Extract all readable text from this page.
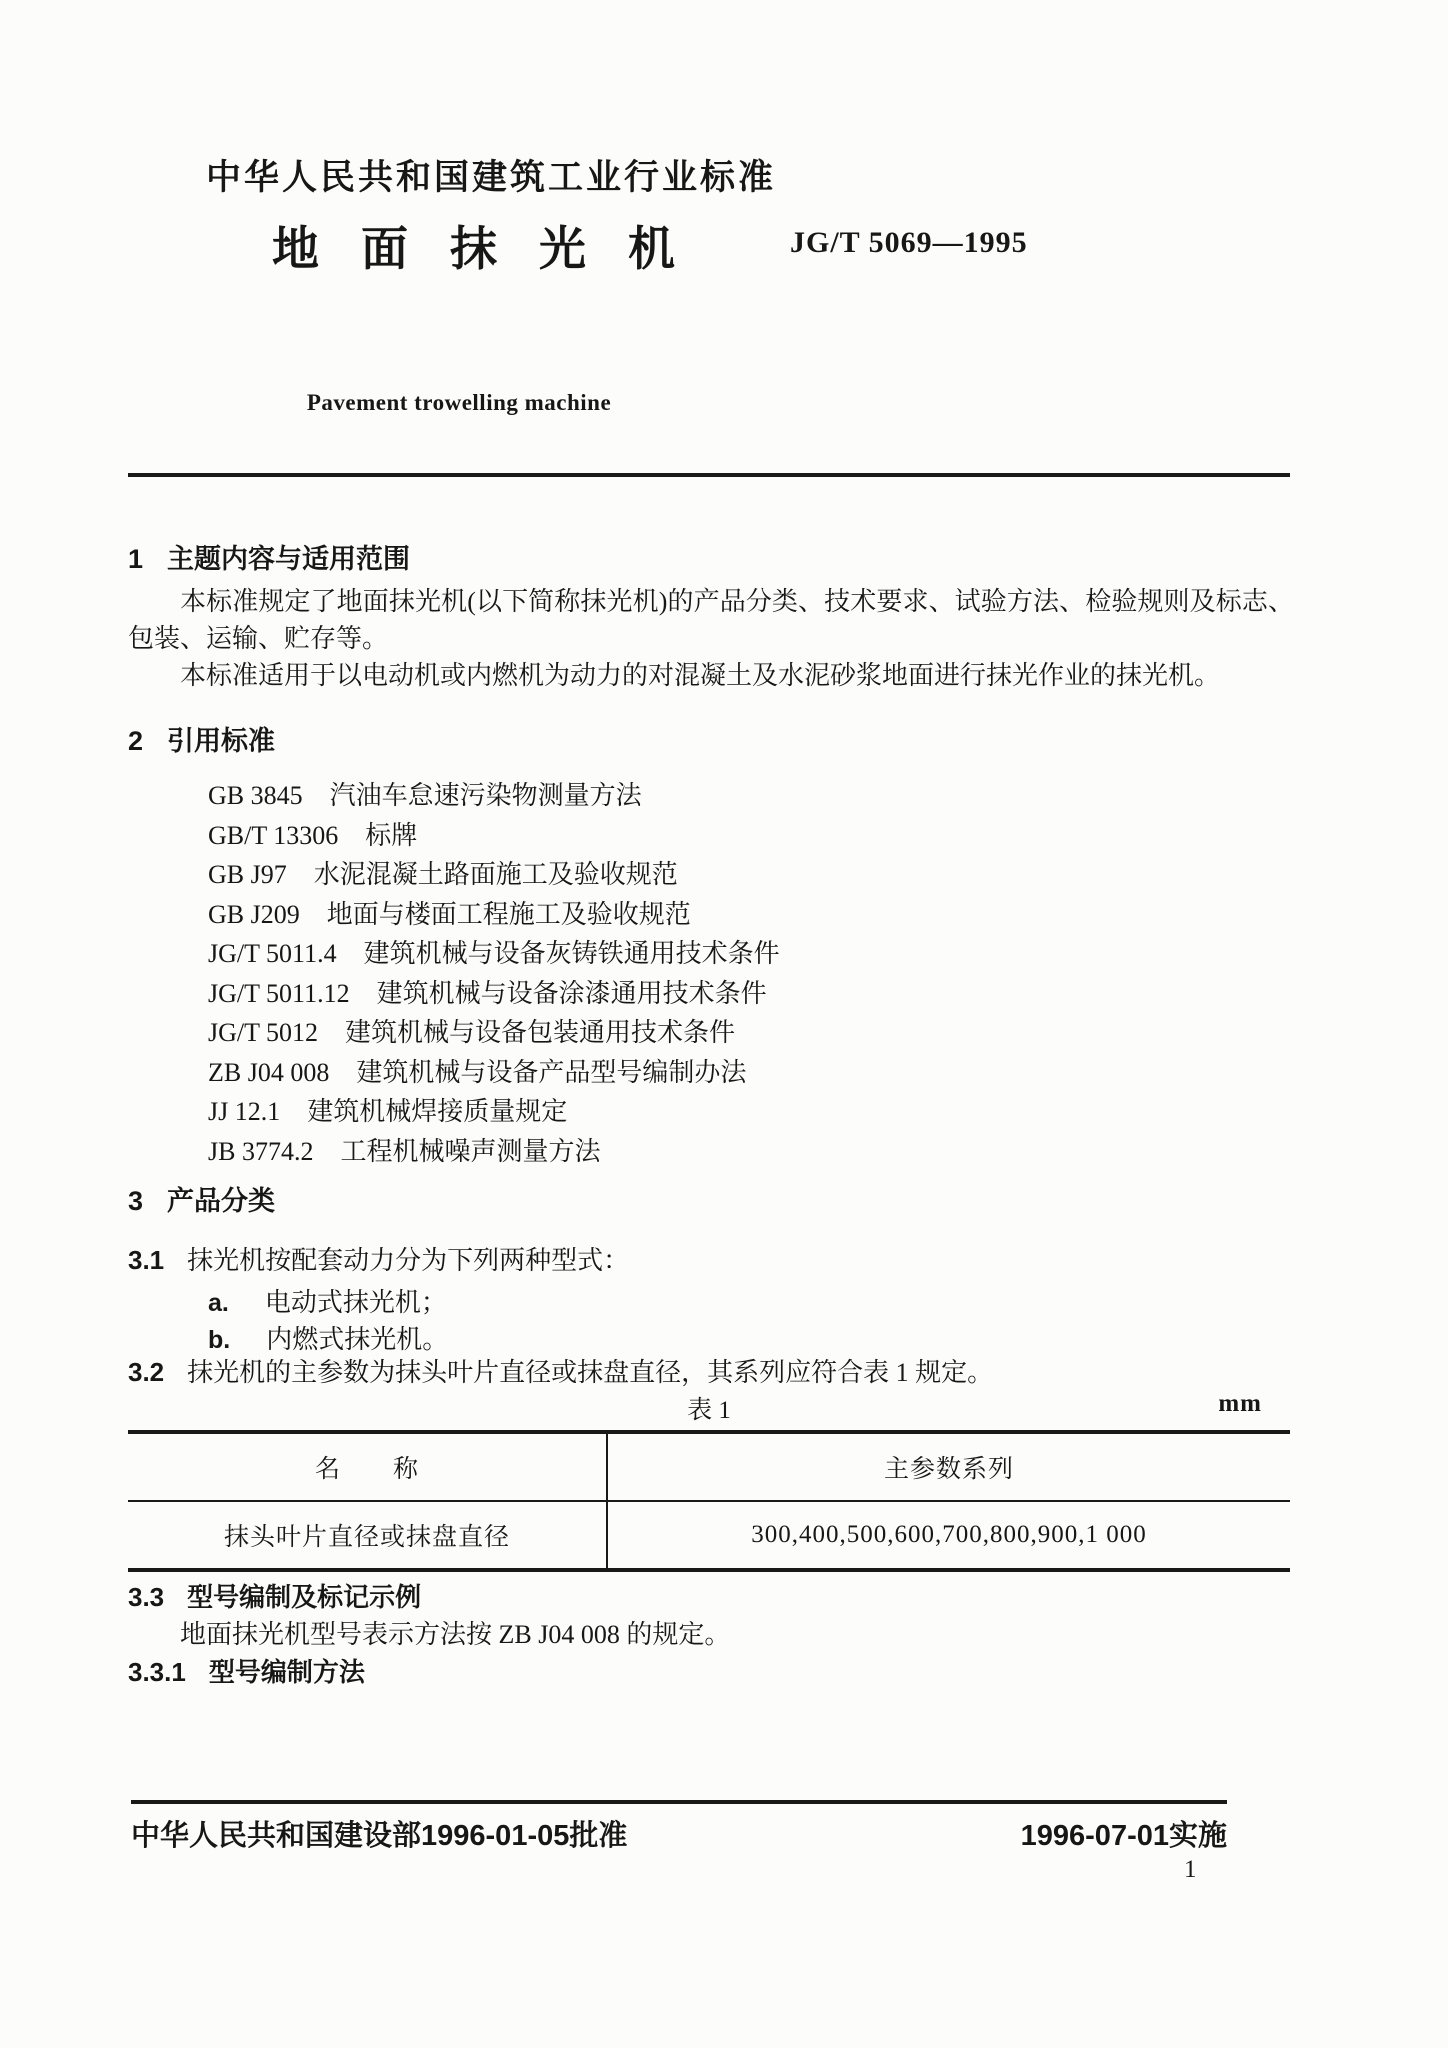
中华人民共和国建筑工业行业标准
地面抹光机 JG/T 5069—1995
Pavement trowelling machine
1 主题内容与适用范围

本标准规定了地面抹光机(以下简称抹光机)的产品分类、技术要求、试验方法、检验规则及标志、包装、运输、贮存等。

本标准适用于以电动机或内燃机为动力的对混凝土及水泥砂浆地面进行抹光作业的抹光机。

2 引用标准
GB 3845 汽油车怠速污染物测量方法
GB/T 13306 标牌
GB J97 水泥混凝土路面施工及验收规范
GB J209 地面与楼面工程施工及验收规范
JG/T 5011.4 建筑机械与设备灰铸铁通用技术条件
JG/T 5011.12 建筑机械与设备涂漆通用技术条件
JG/T 5012 建筑机械与设备包装通用技术条件
ZB J04 008 建筑机械与设备产品型号编制办法
JJ 12.1 建筑机械焊接质量规定
JB 3774.2 工程机械噪声测量方法
3 产品分类
3.1 抹光机按配套动力分为下列两种型式：
a. 电动式抹光机；
b. 内燃式抹光机。
3.2 抹光机的主参数为抹头叶片直径或抹盘直径，其系列应符合表 1 规定。
表 1	mm
名　　称	主参数系列
抹头叶片直径或抹盘直径	300,400,500,600,700,800,900,1 000
3.3 型号编制及标记示例
地面抹光机型号表示方法按 ZB J04 008 的规定。
3.3.1 型号编制方法
中华人民共和国建设部1996-01-05批准	1996-07-01实施
1
